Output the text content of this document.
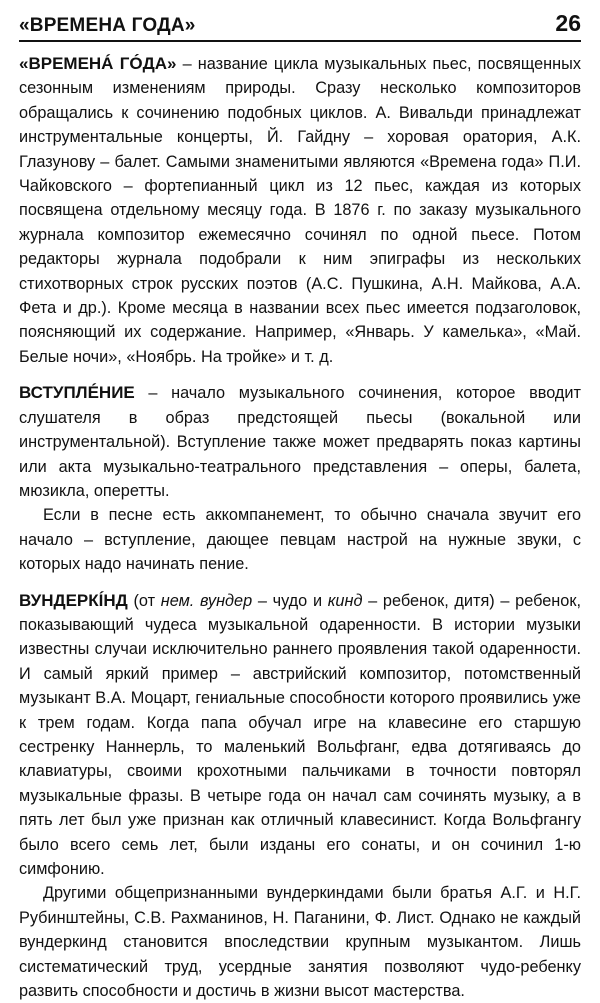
«ВРЕМЕНА ГОДА»	26

«ВРЕМЕНÁ ГÓДА» – название цикла музыкальных пьес, посвященных сезонным изменениям природы. Сразу несколько композиторов обращались к сочинению подобных циклов. А. Вивальди принадлежат инструментальные концерты, Й. Гайдну – хоровая оратория, А.К. Глазунову – балет. Самыми знаменитыми являются «Времена года» П.И. Чайковского – фортепианный цикл из 12 пьес, каждая из которых посвящена отдельному месяцу года. В 1876 г. по заказу музыкального журнала композитор ежемесячно сочинял по одной пьесе. Потом редакторы журнала подобрали к ним эпиграфы из нескольких стихотворных строк русских поэтов (А.С. Пушкина, А.Н. Майкова, А.А. Фета и др.). Кроме месяца в названии всех пьес имеется подзаголовок, поясняющий их содержание. Например, «Январь. У камелька», «Май. Белые ночи», «Ноябрь. На тройке» и т. д.

ВСТУПЛÉНИЕ – начало музыкального сочинения, которое вводит слушателя в образ предстоящей пьесы (вокальной или инструментальной). Вступление также может предварять показ картины или акта музыкально-театрального представления – оперы, балета, мюзикла, оперетты.

Если в песне есть аккомпанемент, то обычно сначала звучит его начало – вступление, дающее певцам настрой на нужные звуки, с которых надо начинать пение.

ВУНДЕРКÍНД (от нем. вундер – чудо и кинд – ребенок, дитя) – ребенок, показывающий чудеса музыкальной одаренности. В истории музыки известны случаи исключительно раннего проявления такой одаренности. И самый яркий пример – австрийский композитор, потомственный музыкант В.А. Моцарт, гениальные способности которого проявились уже к трем годам. Когда папа обучал игре на клавесине его старшую сестренку Наннерль, то маленький Вольфганг, едва дотягиваясь до клавиатуры, своими крохотными пальчиками в точности повторял музыкальные фразы. В четыре года он начал сам сочинять музыку, а в пять лет был уже признан как отличный клавесинист. Когда Вольфгангу было всего семь лет, были изданы его сонаты, и он сочинил 1-ю симфонию.

Другими общепризнанными вундеркиндами были братья А.Г. и Н.Г. Рубинштейны, С.В. Рахманинов, Н. Паганини, Ф. Лист. Однако не каждый вундеркинд становится впоследствии крупным музыкантом. Лишь систематический труд, усердные занятия позволяют чудо-ребенку развить способности и достичь в жизни высот мастерства.
